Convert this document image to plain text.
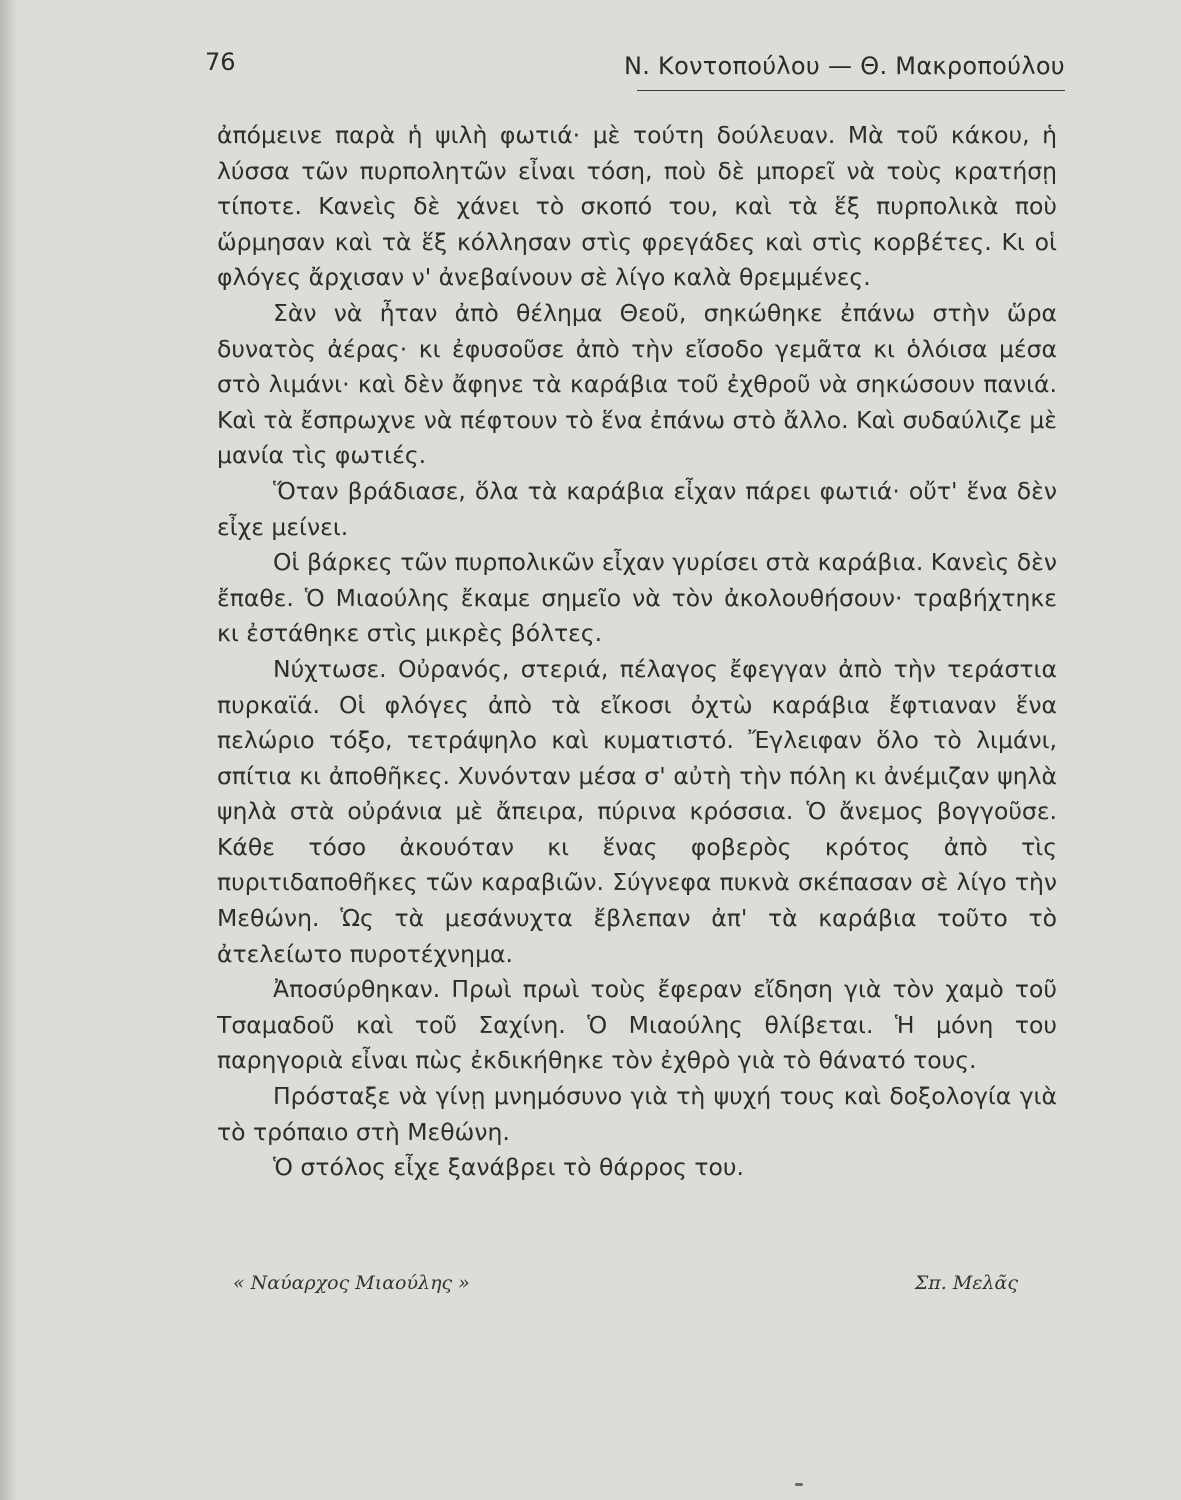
76	Ν. Κοντοπούλου — Θ. Μακροπούλου

ἀπόμεινε παρὰ ἡ ψιλὴ φωτιά· μὲ τούτη δούλευαν. Μὰ τοῦ κάκου, ἡ λύσσα τῶν πυρπολητῶν εἶναι τόση, ποὺ δὲ μπορεῖ νὰ τοὺς κρατήσῃ τίποτε. Κανεὶς δὲ χάνει τὸ σκοπό του, καὶ τὰ ἕξ πυρπολικὰ ποὺ ὥρμησαν καὶ τὰ ἕξ κόλλησαν στὶς φρεγάδες καὶ στὶς κορβέτες. Κι οἱ φλόγες ἄρχισαν ν' ἀνεβαίνουν σὲ λίγο καλὰ θρεμμένες.

Σὰν νὰ ἦταν ἀπὸ θέλημα Θεοῦ, σηκώθηκε ἐπάνω στὴν ὥρα δυνατὸς ἀέρας· κι ἐφυσοῦσε ἀπὸ τὴν εἴσοδο γεμᾶτα κι ὁλόισα μέσα στὸ λιμάνι· καὶ δὲν ἄφηνε τὰ καράβια τοῦ ἐχθροῦ νὰ σηκώσουν πανιά. Καὶ τὰ ἔσπρωχνε νὰ πέφτουν τὸ ἕνα ἐπάνω στὸ ἄλλο. Καὶ συδαύλιζε μὲ μανία τὶς φωτιές.

Ὅταν βράδιασε, ὅλα τὰ καράβια εἶχαν πάρει φωτιά· οὔτ' ἕνα δὲν εἶχε μείνει.

Οἱ βάρκες τῶν πυρπολικῶν εἶχαν γυρίσει στὰ καράβια. Κανεὶς δὲν ἔπαθε. Ὁ Μιαούλης ἔκαμε σημεῖο νὰ τὸν ἀκολουθήσουν· τραβήχτηκε κι ἐστάθηκε στὶς μικρὲς βόλτες.

Νύχτωσε. Οὐρανός, στεριά, πέλαγος ἔφεγγαν ἀπὸ τὴν τεράστια πυρκαϊά. Οἱ φλόγες ἀπὸ τὰ εἴκοσι ὀχτὼ καράβια ἔφτιαναν ἕνα πελώριο τόξο, τετράψηλο καὶ κυματιστό. Ἔγλειφαν ὅλο τὸ λιμάνι, σπίτια κι ἀποθῆκες. Χυνόνταν μέσα σ' αὐτὴ τὴν πόλη κι ἀνέμιζαν ψηλὰ ψηλὰ στὰ οὐράνια μὲ ἄπειρα, πύρινα κρόσσια. Ὁ ἄνεμος βογγοῦσε. Κάθε τόσο ἀκουόταν κι ἕνας φοβερὸς κρότος ἀπὸ τὶς πυριτιδαποθῆκες τῶν καραβιῶν. Σύγνεφα πυκνὰ σκέπασαν σὲ λίγο τὴν Μεθώνη. Ὡς τὰ μεσάνυχτα ἔβλεπαν ἀπ' τὰ καράβια τοῦτο τὸ ἀτελείωτο πυροτέχνημα.

Ἀποσύρθηκαν. Πρωὶ πρωὶ τοὺς ἔφεραν εἴδηση γιὰ τὸν χαμὸ τοῦ Τσαμαδοῦ καὶ τοῦ Σαχίνη. Ὁ Μιαούλης θλίβεται. Ἡ μόνη του παρηγοριὰ εἶναι πὼς ἐκδικήθηκε τὸν ἐχθρὸ γιὰ τὸ θάνατό τους.

Πρόσταξε νὰ γίνῃ μνημόσυνο γιὰ τὴ ψυχή τους καὶ δοξολογία γιὰ τὸ τρόπαιο στὴ Μεθώνη.

Ὁ στόλος εἶχε ξανάβρει τὸ θάρρος του.

« Ναύαρχος Μιαούλης »	Σπ. Μελᾶς
